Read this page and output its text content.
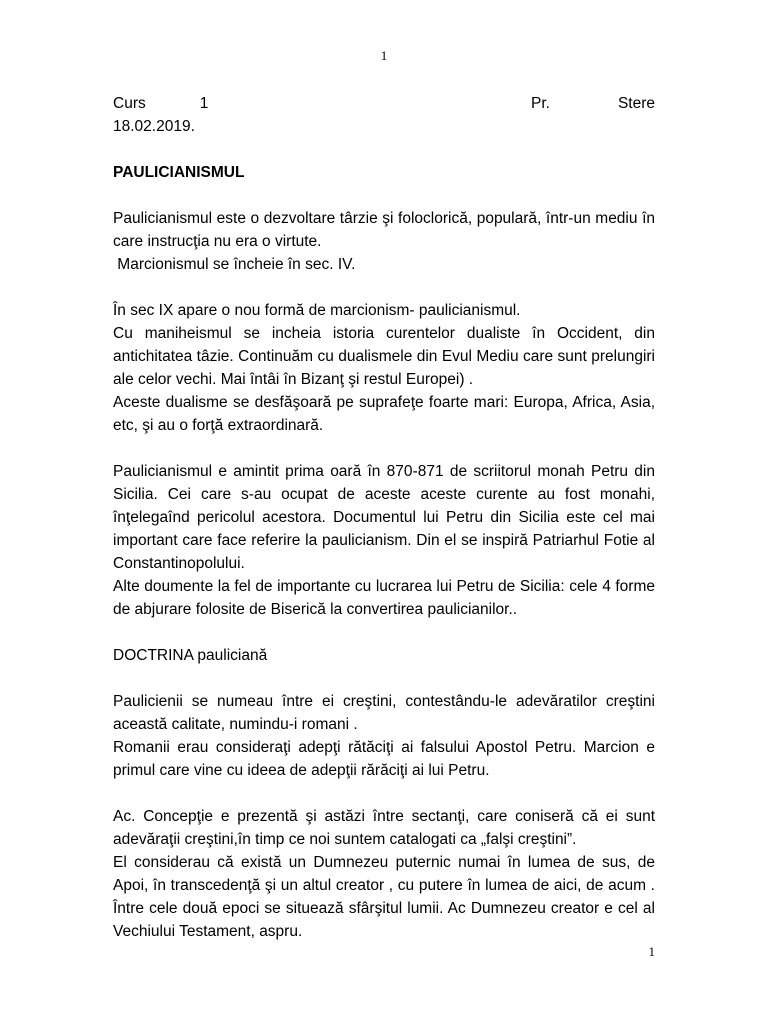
1
Curs	1	Pr.	Stere

18.02.2019.

PAULICIANISMUL

Paulicianismul este o dezvoltare târzie şi foloclorică, populară, într-un mediu în care instrucţia nu era o virtute.

Marcionismul se încheie în sec. IV.

În sec IX apare o nou formă de marcionism- paulicianismul.

Cu maniheismul se incheia istoria curentelor dualiste în Occident, din antichitatea tâzie. Continuăm cu dualismele din Evul Mediu care sunt prelungiri ale celor vechi. Mai întâi în Bizanţ şi restul Europei) .

Aceste dualisme se desfăşoară pe suprafeţe foarte mari: Europa, Africa, Asia, etc, şi au o forţă extraordinară.

Paulicianismul e amintit prima oară în 870-871 de scriitorul monah Petru din Sicilia. Cei care s-au ocupat de aceste aceste curente au fost monahi, înţelegaînd pericolul acestora. Documentul lui Petru din Sicilia este cel mai important care face referire la paulicianism. Din el se inspiră Patriarhul Fotie al Constantinopolului.

Alte doumente la fel de importante cu lucrarea lui Petru de Sicilia: cele 4 forme de abjurare folosite de Biserică la convertirea paulicianilor..

DOCTRINA pauliciană

Paulicienii se numeau între ei creştini, contestându-le adevăratilor creştini această calitate, numindu-i romani .

Romanii erau consideraţi adepţi rătăciţi ai falsului Apostol Petru. Marcion e primul care vine cu ideea de adepţii rărăciţi ai lui Petru.

Ac. Concepţie e prezentă şi astăzi între sectanţi, care coniseră că ei sunt adevăraţii creştini,în timp ce noi suntem catalogati ca „falşi creştini”.

El considerau că există un Dumnezeu puternic numai în lumea de sus, de Apoi, în transcedenţă şi un altul creator , cu putere în lumea de aici, de acum . Între cele două epoci se situează sfârşitul lumii. Ac Dumnezeu creator e cel al Vechiului Testament, aspru.

1
